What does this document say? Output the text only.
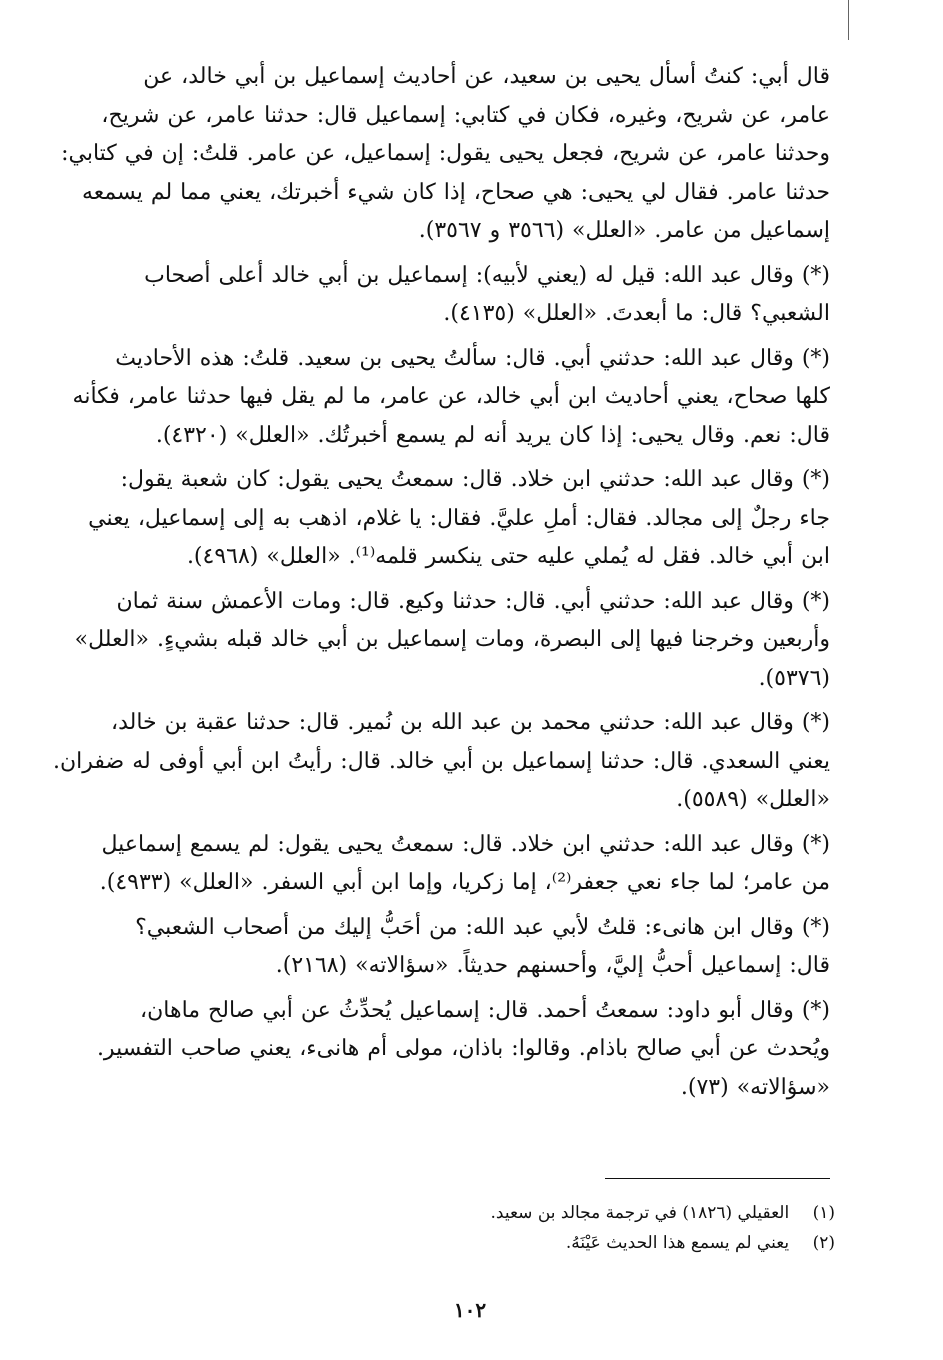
قال أبي: كنتُ أسأل يحيى بن سعيد، عن أحاديث إسماعيل بن أبي خالد، عن
عامر، عن شريح، وغيره، فكان في كتابي: إسماعيل قال: حدثنا عامر، عن شريح،
وحدثنا عامر، عن شريح، فجعل يحيى يقول: إسماعيل، عن عامر. قلتُ: إن في كتابي:
حدثنا عامر. فقال لي يحيى: هي صحاح، إذا كان شيء أخبرتك، يعني مما لم يسمعه
إسماعيل من عامر. «العلل» (٣٥٦٦ و ٣٥٦٧).

(*) وقال عبد الله: قيل له (يعني لأبيه): إسماعيل بن أبي خالد أعلى أصحاب
الشعبي؟ قال: ما أبعدتَ. «العلل» (٤١٣٥).

(*) وقال عبد الله: حدثني أبي. قال: سألتُ يحيى بن سعيد. قلتُ: هذه الأحاديث
كلها صحاح، يعني أحاديث ابن أبي خالد، عن عامر، ما لم يقل فيها حدثنا عامر، فكأنه
قال: نعم. وقال يحيى: إذا كان يريد أنه لم يسمع أخبرتُك. «العلل» (٤٣٢٠).

(*) وقال عبد الله: حدثني ابن خلاد. قال: سمعتُ يحيى يقول: كان شعبة يقول:
جاء رجلٌ إلى مجالد. فقال: أملِ عليَّ. فقال: يا غلام، اذهب به إلى إسماعيل، يعني
ابن أبي خالد. فقل له يُملي عليه حتى ينكسر قلمه⁽¹⁾. «العلل» (٤٩٦٨).

(*) وقال عبد الله: حدثني أبي. قال: حدثنا وكيع. قال: ومات الأعمش سنة ثمان
وأربعين وخرجنا فيها إلى البصرة، ومات إسماعيل بن أبي خالد قبله بشيءٍ. «العلل»
(٥٣٧٦).

(*) وقال عبد الله: حدثني محمد بن عبد الله بن نُمير. قال: حدثنا عقبة بن خالد،
يعني السعدي. قال: حدثنا إسماعيل بن أبي خالد. قال: رأيتُ ابن أبي أوفى له ضفران.
«العلل» (٥٥٨٩).

(*) وقال عبد الله: حدثني ابن خلاد. قال: سمعتُ يحيى يقول: لم يسمع إسماعيل
من عامر؛ لما جاء نعي جعفر⁽²⁾، إما زكريا، وإما ابن أبي السفر. «العلل» (٤٩٣٣).

(*) وقال ابن هانىء: قلتُ لأبي عبد الله: من أحَبُّ إليك من أصحاب الشعبي؟
قال: إسماعيل أحبُّ إليَّ، وأحسنهم حديثاً. «سؤالاته» (٢١٦٨).

(*) وقال أبو داود: سمعتُ أحمد. قال: إسماعيل يُحدِّثُ عن أبي صالح ماهان،
ويُحدث عن أبي صالح باذام. وقالوا: باذان، مولى أم هانىء، يعني صاحب التفسير.
«سؤالاته» (٧٣).

(١) العقيلي (١٨٢٦) في ترجمة مجالد بن سعيد.
(٢) يعني لم يسمع هذا الحديث عَيْنَهُ.
١٠٢
